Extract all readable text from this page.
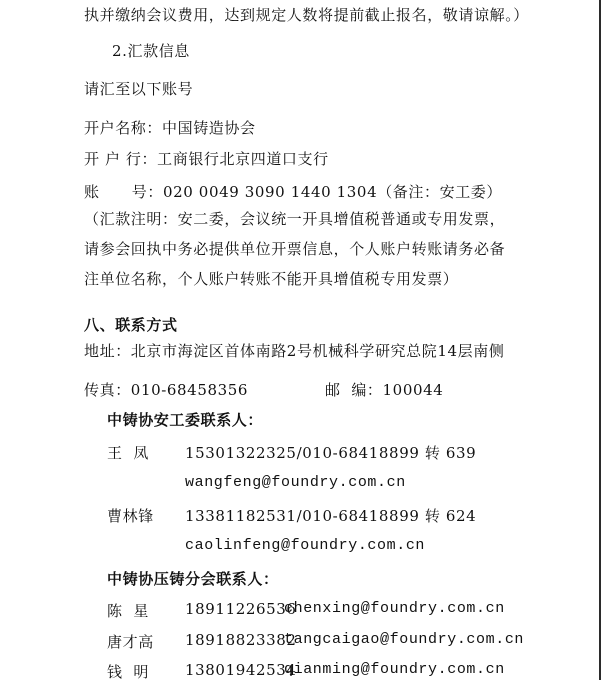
执并缴纳会议费用，达到规定人数将提前截止报名，敬请谅解。）
2.汇款信息
请汇至以下账号
开户名称：中国铸造协会
开 户 行：工商银行北京四道口支行
账      号：020 0049 3090 1440 1304（备注：安工委）
（汇款注明：安二委，会议统一开具增值税普通或专用发票，
请参会回执中务必提供单位开票信息，个人账户转账请务必备
注单位名称，个人账户转账不能开具增值税专用发票）
八、联系方式
地址：北京市海淀区首体南路2号机械科学研究总院14层南侧
传真：010-68458356	邮  编：100044
中铸协安工委联系人：
王  凤 15301322325/010-68418899 转 639
wangfeng@foundry.com.cn
曹林锋 13381182531/010-68418899 转 624
caolinfeng@foundry.com.cn
中铸协压铸分会联系人：
陈  星 18911226536
chenxing@foundry.com.cn
唐才高 18918823382
tangcaigao@foundry.com.cn
钱  明 13801942534
qianming@foundry.com.cn
